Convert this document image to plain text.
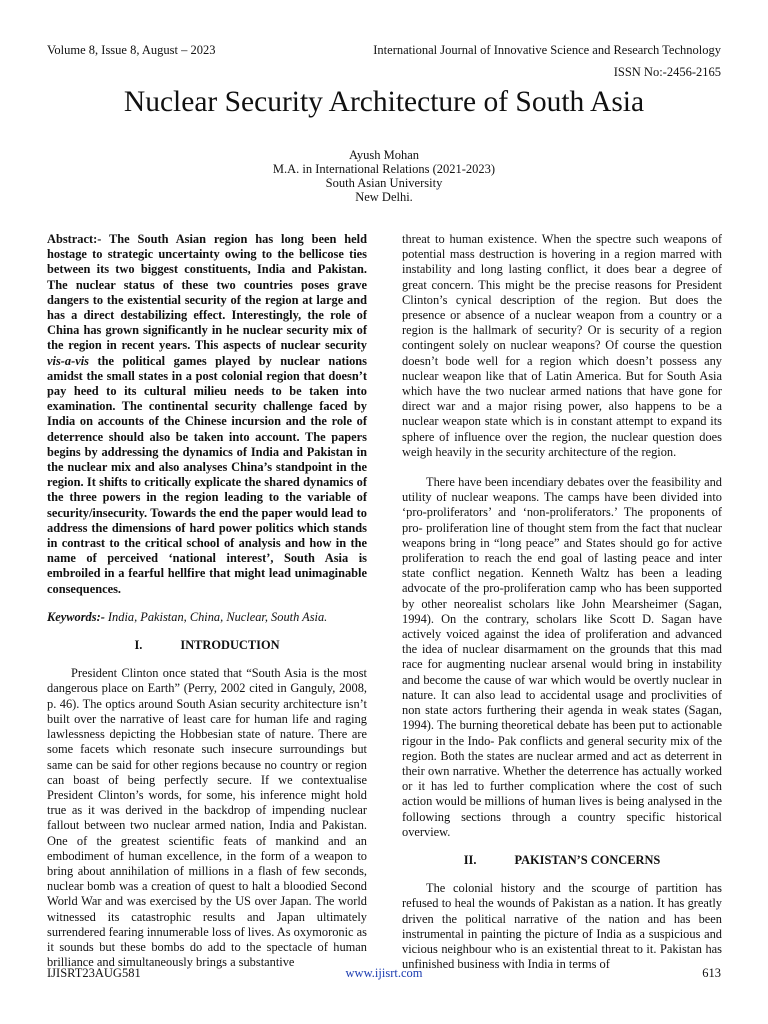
Volume 8, Issue 8, August – 2023	International Journal of Innovative Science and Research Technology
ISSN No:-2456-2165
Nuclear Security Architecture of South Asia
Ayush Mohan
M.A. in International Relations (2021-2023)
South Asian University
New Delhi.

Abstract:- The South Asian region has long been held hostage to strategic uncertainty owing to the bellicose ties between its two biggest constituents, India and Pakistan. The nuclear status of these two countries poses grave dangers to the existential security of the region at large and has a direct destabilizing effect. Interestingly, the role of China has grown significantly in he nuclear security mix of the region in recent years. This aspects of nuclear security vis-a-vis the political games played by nuclear nations amidst the small states in a post colonial region that doesn’t pay heed to its cultural milieu needs to be taken into examination. The continental security challenge faced by India on accounts of the Chinese incursion and the role of deterrence should also be taken into account. The papers begins by addressing the dynamics of India and Pakistan in the nuclear mix and also analyses China’s standpoint in the region. It shifts to critically explicate the shared dynamics of the three powers in the region leading to the variable of security/insecurity. Towards the end the paper would lead to address the dimensions of hard power politics which stands in contrast to the critical school of analysis and how in the name of perceived ‘national interest’, South Asia is embroiled in a fearful hellfire that might lead unimaginable consequences.

Keywords:- India, Pakistan, China, Nuclear, South Asia.

I.	INTRODUCTION

President Clinton once stated that “South Asia is the most dangerous place on Earth” (Perry, 2002 cited in Ganguly, 2008, p. 46). The optics around South Asian security architecture isn’t built over the narrative of least care for human life and raging lawlessness depicting the Hobbesian state of nature. There are some facets which resonate such insecure surroundings but same can be said for other regions because no country or region can boast of being perfectly secure. If we contextualise President Clinton’s words, for some, his inference might hold true as it was derived in the backdrop of impending nuclear fallout between two nuclear armed nation, India and Pakistan. One of the greatest scientific feats of mankind and an embodiment of human excellence, in the form of a weapon to bring about annihilation of millions in a flash of few seconds, nuclear bomb was a creation of quest to halt a bloodied Second World War and was exercised by the US over Japan. The world witnessed its catastrophic results and Japan ultimately surrendered fearing innumerable loss of lives. As oxymoronic as it sounds but these bombs do add to the spectacle of human brilliance and simultaneously brings a substantive

threat to human existence. When the spectre such weapons of potential mass destruction is hovering in a region marred with instability and long lasting conflict, it does bear a degree of great concern. This might be the precise reasons for President Clinton’s cynical description of the region. But does the presence or absence of a nuclear weapon from a country or a region is the hallmark of security? Or is security of a region contingent solely on nuclear weapons? Of course the question doesn’t bode well for a region which doesn’t possess any nuclear weapon like that of Latin America. But for South Asia which have the two nuclear armed nations that have gone for direct war and a major rising power, also happens to be a nuclear weapon state which is in constant attempt to expand its sphere of influence over the region, the nuclear question does weigh heavily in the security architecture of the region.

There have been incendiary debates over the feasibility and utility of nuclear weapons. The camps have been divided into ‘pro-proliferators’ and ‘non-proliferators.’ The proponents of pro- proliferation line of thought stem from the fact that nuclear weapons bring in “long peace” and States should go for active proliferation to reach the end goal of lasting peace and inter state conflict negation. Kenneth Waltz has been a leading advocate of the pro-proliferation camp who has been supported by other neorealist scholars like John Mearsheimer (Sagan, 1994). On the contrary, scholars like Scott D. Sagan have actively voiced against the idea of proliferation and advanced the idea of nuclear disarmament on the grounds that this mad race for augmenting nuclear arsenal would bring in instability and become the cause of war which would be overtly nuclear in nature. It can also lead to accidental usage and proclivities of non state actors furthering their agenda in weak states (Sagan, 1994). The burning theoretical debate has been put to actionable rigour in the Indo- Pak conflicts and general security mix of the region. Both the states are nuclear armed and act as deterrent in their own narrative. Whether the deterrence has actually worked or it has led to further complication where the cost of such action would be millions of human lives is being analysed in the following sections through a country specific historical overview.

II.	PAKISTAN’S CONCERNS

The colonial history and the scourge of partition has refused to heal the wounds of Pakistan as a nation. It has greatly driven the political narrative of the nation and has been instrumental in painting the picture of India as a suspicious and vicious neighbour who is an existential threat to it. Pakistan has unfinished business with India in terms of

IJISRT23AUG581	www.ijisrt.com	613
